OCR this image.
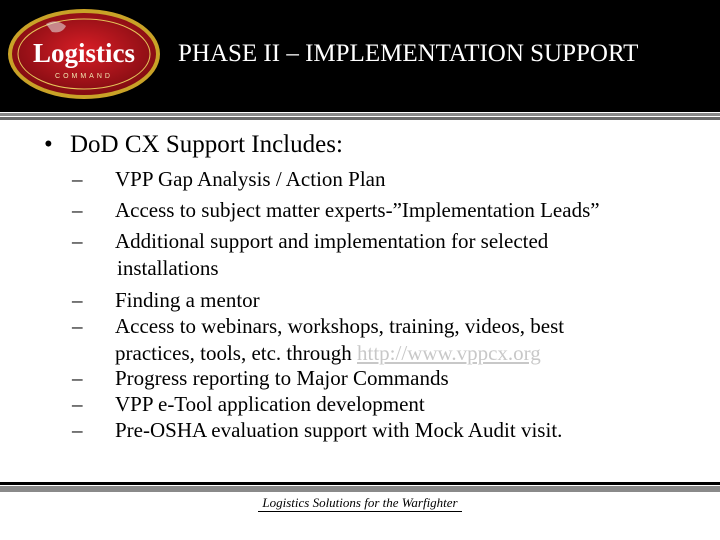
Logistics
COMMAND
PHASE II – IMPLEMENTATION SUPPORT
• DoD CX Support Includes:
– VPP Gap Analysis / Action Plan
– Access to subject matter experts-”Implementation Leads”
– Additional support and implementation for selected
installations
– Finding a mentor
– Access to webinars, workshops, training, videos, best
practices, tools, etc. through http://www.vppcx.org
– Progress reporting to Major Commands
– VPP e-Tool application development
– Pre-OSHA evaluation support with Mock Audit visit.
Logistics Solutions for the Warfighter
